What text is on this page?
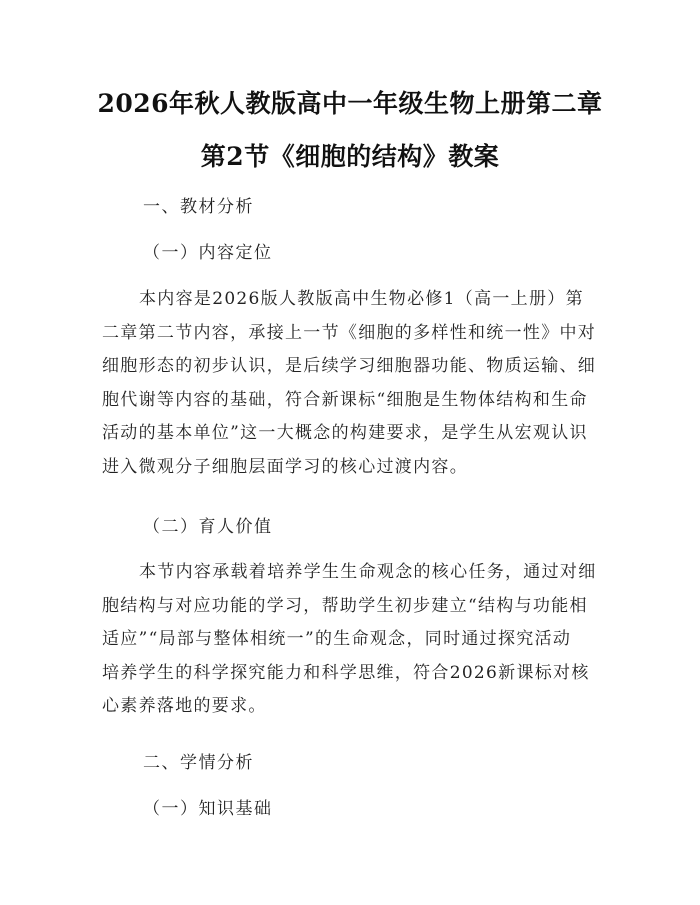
2026年秋人教版高中一年级生物上册第二章
第2节《细胞的结构》教案
一、教材分析
（一）内容定位
本内容是2026版人教版高中生物必修1（高一上册）第
二章第二节内容，承接上一节《细胞的多样性和统一性》中对
细胞形态的初步认识，是后续学习细胞器功能、物质运输、细
胞代谢等内容的基础，符合新课标“细胞是生物体结构和生命
活动的基本单位”这一大概念的构建要求，是学生从宏观认识
进入微观分子细胞层面学习的核心过渡内容。
（二）育人价值
本节内容承载着培养学生生命观念的核心任务，通过对细
胞结构与对应功能的学习，帮助学生初步建立“结构与功能相
适应”“局部与整体相统一”的生命观念，同时通过探究活动
培养学生的科学探究能力和科学思维，符合2026新课标对核
心素养落地的要求。
二、学情分析
（一）知识基础
